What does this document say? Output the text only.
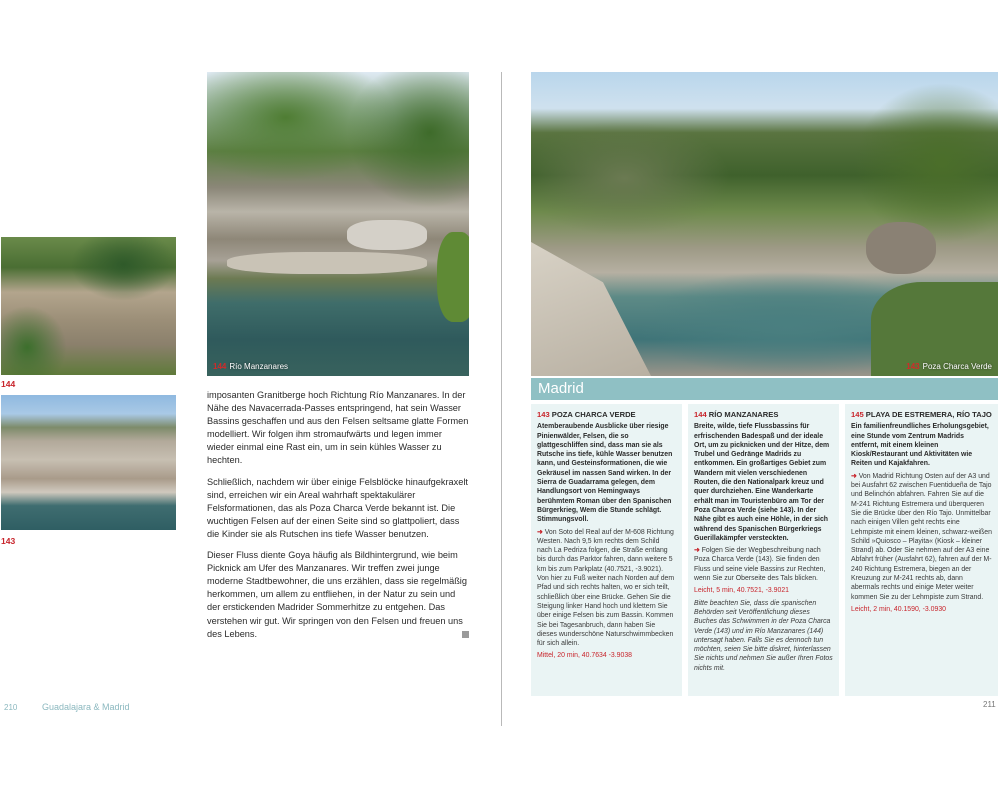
144 Río Manzanares
144
143

imposanten Granitberge hoch Richtung Río Manzanares. In der Nähe des Navacerrada-Passes entspringend, hat sein Wasser Bassins geschaffen und aus den Felsen seltsame glatte Formen modelliert. Wir folgen ihm stromaufwärts und legen immer wieder einmal eine Rast ein, um in sein kühles Wasser zu hechten.

Schließlich, nachdem wir über einige Felsblöcke hinaufgekraxelt sind, erreichen wir ein Areal wahrhaft spektakulärer Felsformationen, das als Poza Charca Verde bekannt ist. Die wuchtigen Felsen auf der einen Seite sind so glattpoliert, dass die Kinder sie als Rutschen ins tiefe Wasser benutzen.

Dieser Fluss diente Goya häufig als Bildhintergrund, wie beim Picknick am Ufer des Manzanares. Wir treffen zwei junge moderne Stadtbewohner, die uns erzählen, dass sie regelmäßig herkommen, um allem zu entfliehen, in der Natur zu sein und der erstickenden Madrider Sommerhitze zu entgehen. Das verstehen wir gut. Wir springen von den Felsen und freuen uns des Lebens.

210	Guadalajara & Madrid
143 Poza Charca Verde
Madrid
143 POZA CHARCA VERDE
Atemberaubende Ausblicke über riesige Pinienwälder, Felsen, die so glattgeschliffen sind, dass man sie als Rutsche ins tiefe, kühle Wasser benutzen kann, und Gesteinsformationen, die wie Gekräusel im nassen Sand wirken. In der Sierra de Guadarrama gelegen, dem Handlungsort von Hemingways berühmtem Roman über den Spanischen Bürgerkrieg, Wem die Stunde schlägt. Stimmungsvoll.
➜ Von Soto del Real auf der M-608 Richtung Westen. Nach 9,5 km rechts dem Schild nach La Pedriza folgen, die Straße entlang bis durch das Parktor fahren, dann weitere 5 km bis zum Parkplatz (40.7521, -3.9021). Von hier zu Fuß weiter nach Norden auf dem Pfad und sich rechts halten, wo er sich teilt, schließlich über eine Brücke. Gehen Sie die Steigung linker Hand hoch und klettern Sie über einige Felsen bis zum Bassin. Kommen Sie bei Tagesanbruch, dann haben Sie dieses wunderschöne Naturschwimmbecken für sich allein.
Mittel, 20 min, 40.7634 -3.9038
144 RÍO MANZANARES
Breite, wilde, tiefe Flussbassins für erfrischenden Badespaß und der ideale Ort, um zu picknicken und der Hitze, dem Trubel und Gedränge Madrids zu entkommen. Ein großartiges Gebiet zum Wandern mit vielen verschiedenen Routen, die den Nationalpark kreuz und quer durchziehen. Eine Wanderkarte erhält man im Touristenbüro am Tor der Poza Charca Verde (siehe 143). In der Nähe gibt es auch eine Höhle, in der sich während des Spanischen Bürgerkriegs Guerillakämpfer versteckten.
➜ Folgen Sie der Wegbeschreibung nach Poza Charca Verde (143). Sie finden den Fluss und seine viele Bassins zur Rechten, wenn Sie zur Oberseite des Tals blicken.
Leicht, 5 min, 40.7521, -3.9021
Bitte beachten Sie, dass die spanischen Behörden seit Veröffentlichung dieses Buches das Schwimmen in der Poza Charca Verde (143) und im Río Manzanares (144) untersagt haben. Falls Sie es dennoch tun möchten, seien Sie bitte diskret, hinterlassen Sie nichts und nehmen Sie außer Ihren Fotos nichts mit.
145 PLAYA DE ESTREMERA, RÍO TAJO
Ein familienfreundliches Erholungsgebiet, eine Stunde vom Zentrum Madrids entfernt, mit einem kleinen Kiosk/Restaurant und Aktivitäten wie Reiten und Kajakfahren.
➜ Von Madrid Richtung Osten auf der A3 und bei Ausfahrt 62 zwischen Fuentidueña de Tajo und Belinchón abfahren. Fahren Sie auf die M-241 Richtung Estremera und überqueren Sie die Brücke über den Río Tajo. Unmittelbar nach einigen Villen geht rechts eine Lehmpiste mit einem kleinen, schwarz-weißen Schild »Quiosco – Playita« (Kiosk – kleiner Strand) ab. Oder Sie nehmen auf der A3 eine Abfahrt früher (Ausfahrt 62), fahren auf der M-240 Richtung Estremera, biegen an der Kreuzung zur M-241 rechts ab, dann abermals rechts und einige Meter weiter kommen Sie zu der Lehmpiste zum Strand.
Leicht, 2 min, 40.1590, -3.0930
211
